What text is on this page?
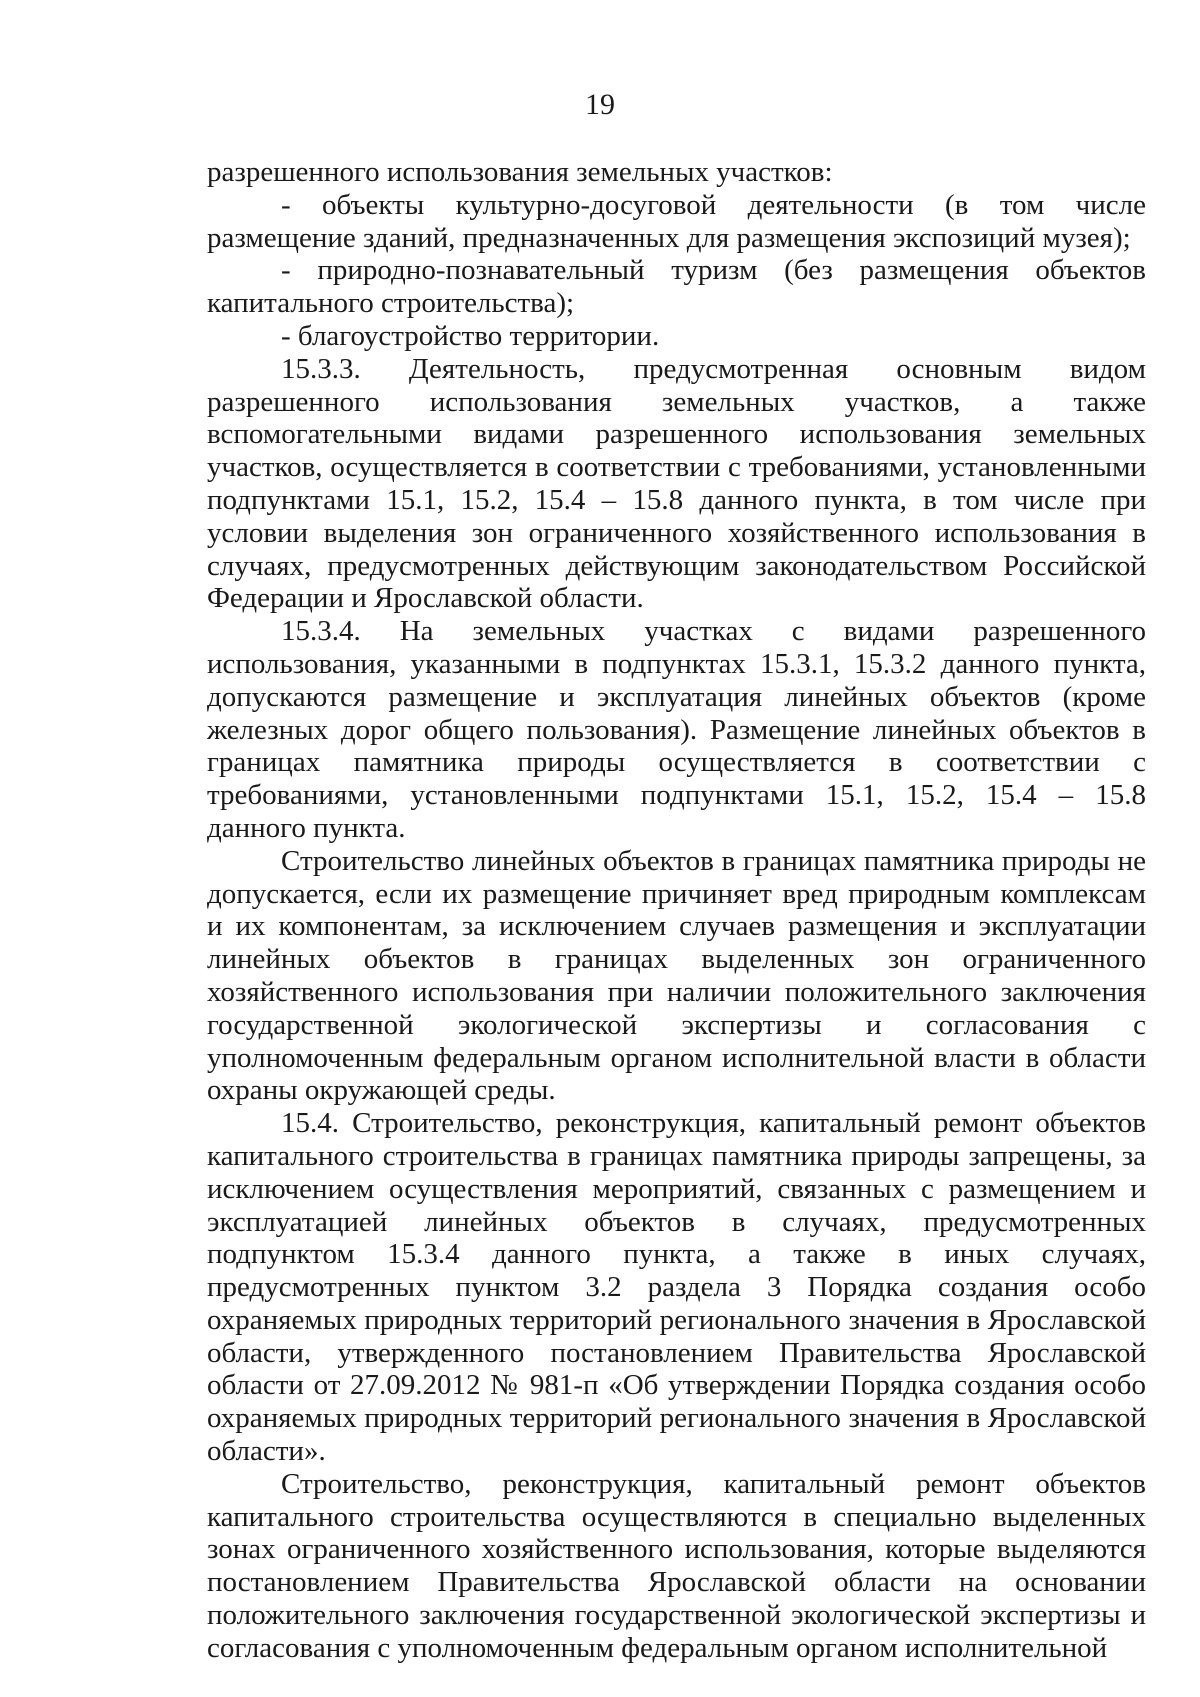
19

разрешенного использования земельных участков:

- объекты культурно-досуговой деятельности (в том числе размещение зданий, предназначенных для размещения экспозиций музея);

- природно-познавательный туризм (без размещения объектов капитального строительства);

- благоустройство территории.

15.3.3. Деятельность, предусмотренная основным видом разрешенного использования земельных участков, а также вспомогательными видами разрешенного использования земельных участков, осуществляется в соответствии с требованиями, установленными подпунктами 15.1, 15.2, 15.4 – 15.8 данного пункта, в том числе при условии выделения зон ограниченного хозяйственного использования в случаях, предусмотренных действующим законодательством Российской Федерации и Ярославской области.

15.3.4. На земельных участках с видами разрешенного использования, указанными в подпунктах 15.3.1, 15.3.2 данного пункта, допускаются размещение и эксплуатация линейных объектов (кроме железных дорог общего пользования). Размещение линейных объектов в границах памятника природы осуществляется в соответствии с требованиями, установленными подпунктами 15.1, 15.2, 15.4 – 15.8 данного пункта.

Строительство линейных объектов в границах памятника природы не допускается, если их размещение причиняет вред природным комплексам и их компонентам, за исключением случаев размещения и эксплуатации линейных объектов в границах выделенных зон ограниченного хозяйственного использования при наличии положительного заключения государственной экологической экспертизы и согласования с уполномоченным федеральным органом исполнительной власти в области охраны окружающей среды.

15.4. Строительство, реконструкция, капитальный ремонт объектов капитального строительства в границах памятника природы запрещены, за исключением осуществления мероприятий, связанных с размещением и эксплуатацией линейных объектов в случаях, предусмотренных подпунктом 15.3.4 данного пункта, а также в иных случаях, предусмотренных пунктом 3.2 раздела 3 Порядка создания особо охраняемых природных территорий регионального значения в Ярославской области, утвержденного постановлением Правительства Ярославской области от 27.09.2012 № 981-п «Об утверждении Порядка создания особо охраняемых природных территорий регионального значения в Ярославской области».

Строительство, реконструкция, капитальный ремонт объектов капитального строительства осуществляются в специально выделенных зонах ограниченного хозяйственного использования, которые выделяются постановлением Правительства Ярославской области на основании положительного заключения государственной экологической экспертизы и согласования с уполномоченным федеральным органом исполнительной
